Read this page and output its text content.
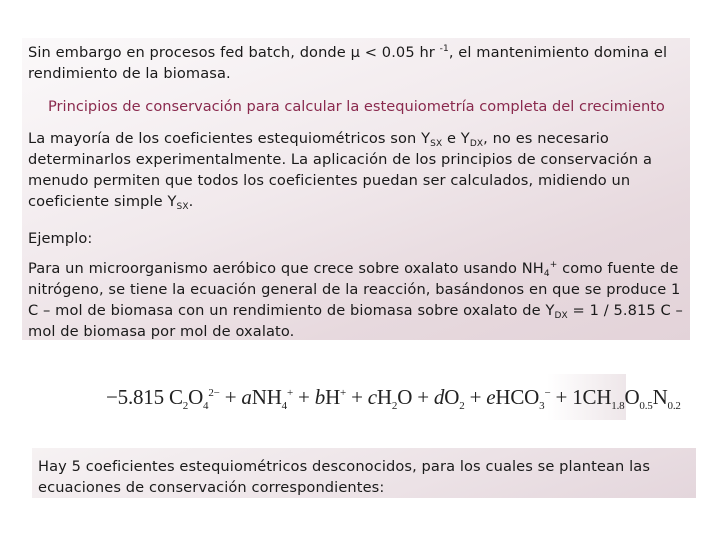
Sin embargo en procesos fed batch, donde μ < 0.05 hr $^{-1}$, el mantenimiento domina el rendimiento de la biomasa.

Principios de conservación para calcular la estequiometría completa del crecimiento

La mayoría de los coeficientes estequiométricos son $Y_{SX}$ e $Y_{DX}$, no es necesario determinarlos experimentalmente. La aplicación de los principios de conservación a menudo permiten que todos los coeficientes puedan ser calculados, midiendo un coeficiente simple $Y_{SX}$.

Ejemplo:

Para un microorganismo aeróbico que crece sobre oxalato usando $NH_4^+$ como fuente de nitrógeno, se tiene la ecuación general de la reacción, basándonos en que se produce 1 C – mol de biomasa con un rendimiento de biomasa sobre oxalato de $Y_{DX} = 1 / 5.815$ C – mol de biomasa por mol de oxalato.

−5.815 $C_2O_4^{2-} + aNH_4^+ + bH^+ + cH_2O + dO_2$ + eHCO$_3$− + $1CH_{1.8}O_{0.5}N_{0.2}$

Hay 5 coeficientes estequiométricos desconocidos, para los cuales se plantean las ecuaciones de conservación correspondientes:
